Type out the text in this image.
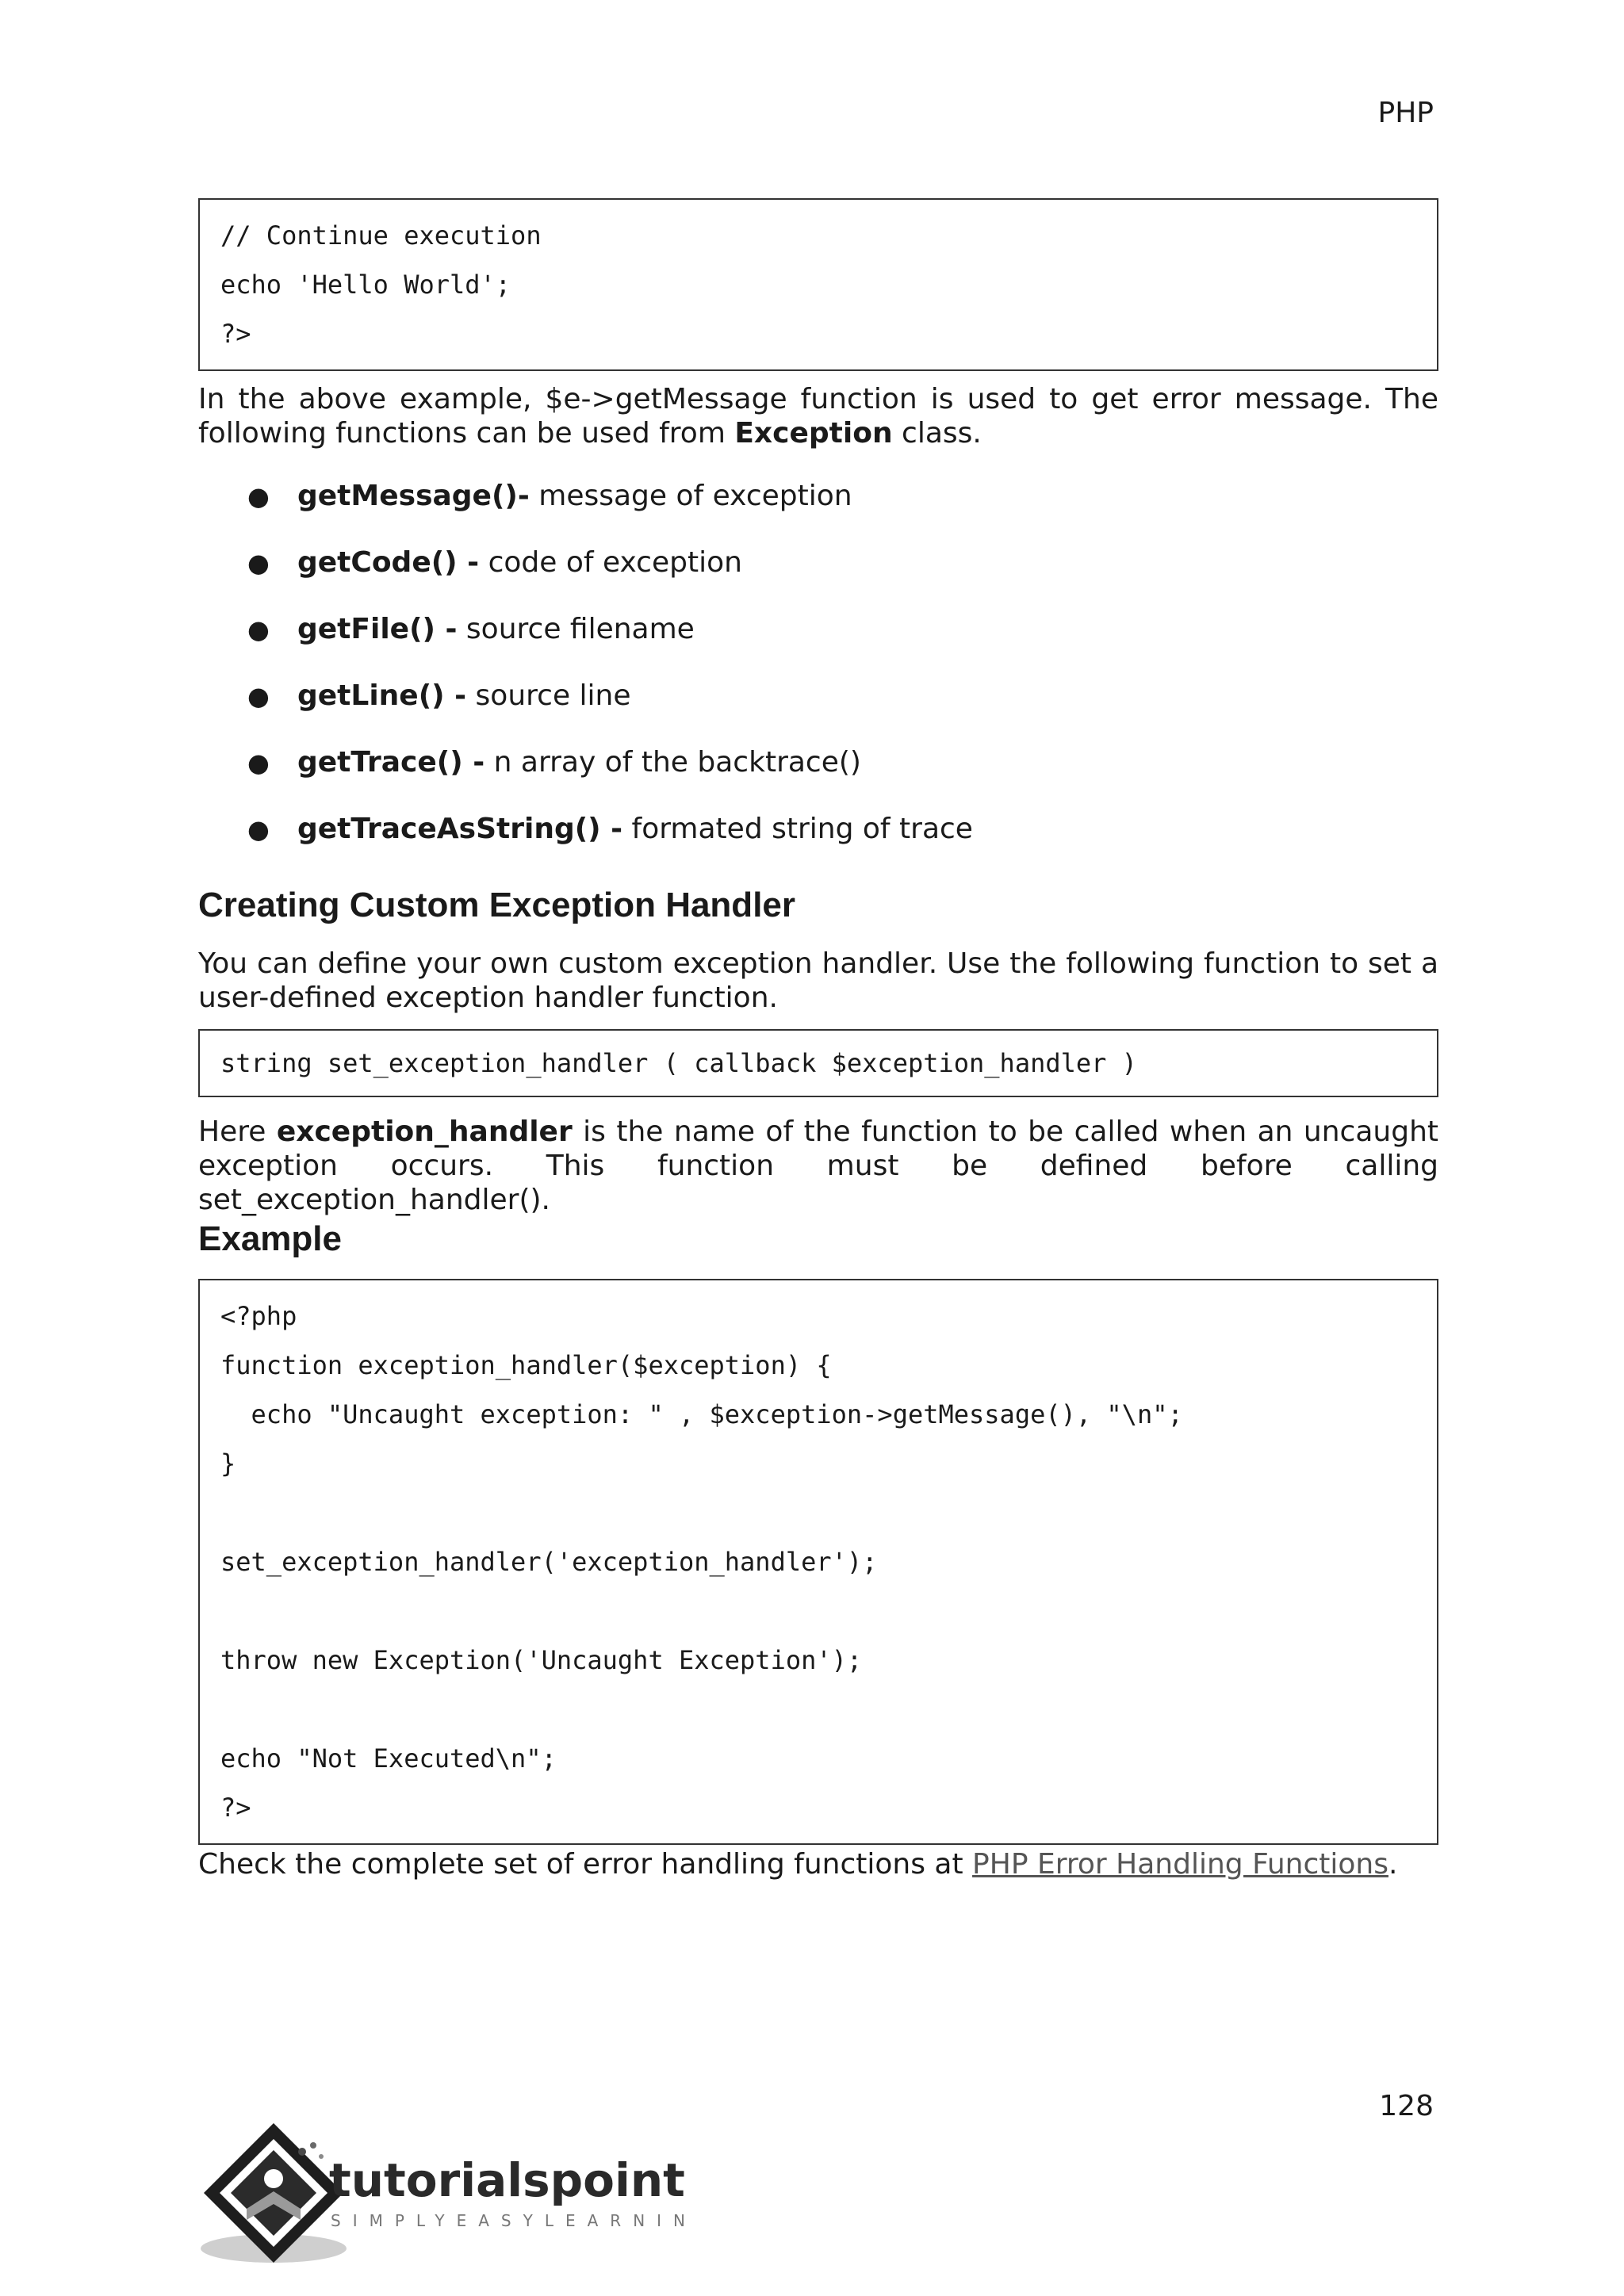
PHP
// Continue execution
echo 'Hello World';
?>
In the above example, $e->getMessage function is used to get error message. The following functions can be used from Exception class.
● getMessage()- message of exception
● getCode() - code of exception
● getFile() - source filename
● getLine() - source line
● getTrace() - n array of the backtrace()
● getTraceAsString() - formated string of trace
Creating Custom Exception Handler
You can define your own custom exception handler. Use the following function to set a user-defined exception handler function.
string set_exception_handler ( callback $exception_handler )
Here exception_handler is the name of the function to be called when an uncaught exception occurs. This function must be defined before calling set_exception_handler().
Example
<?php
function exception_handler($exception) {
echo "Uncaught exception: " , $exception->getMessage(), "\n";
}
set_exception_handler('exception_handler');
throw new Exception('Uncaught Exception');
echo "Not Executed\n";
?>
Check the complete set of error handling functions at PHP Error Handling Functions.
128
tutorialspoint
SIMPLYEASYLEARNING
